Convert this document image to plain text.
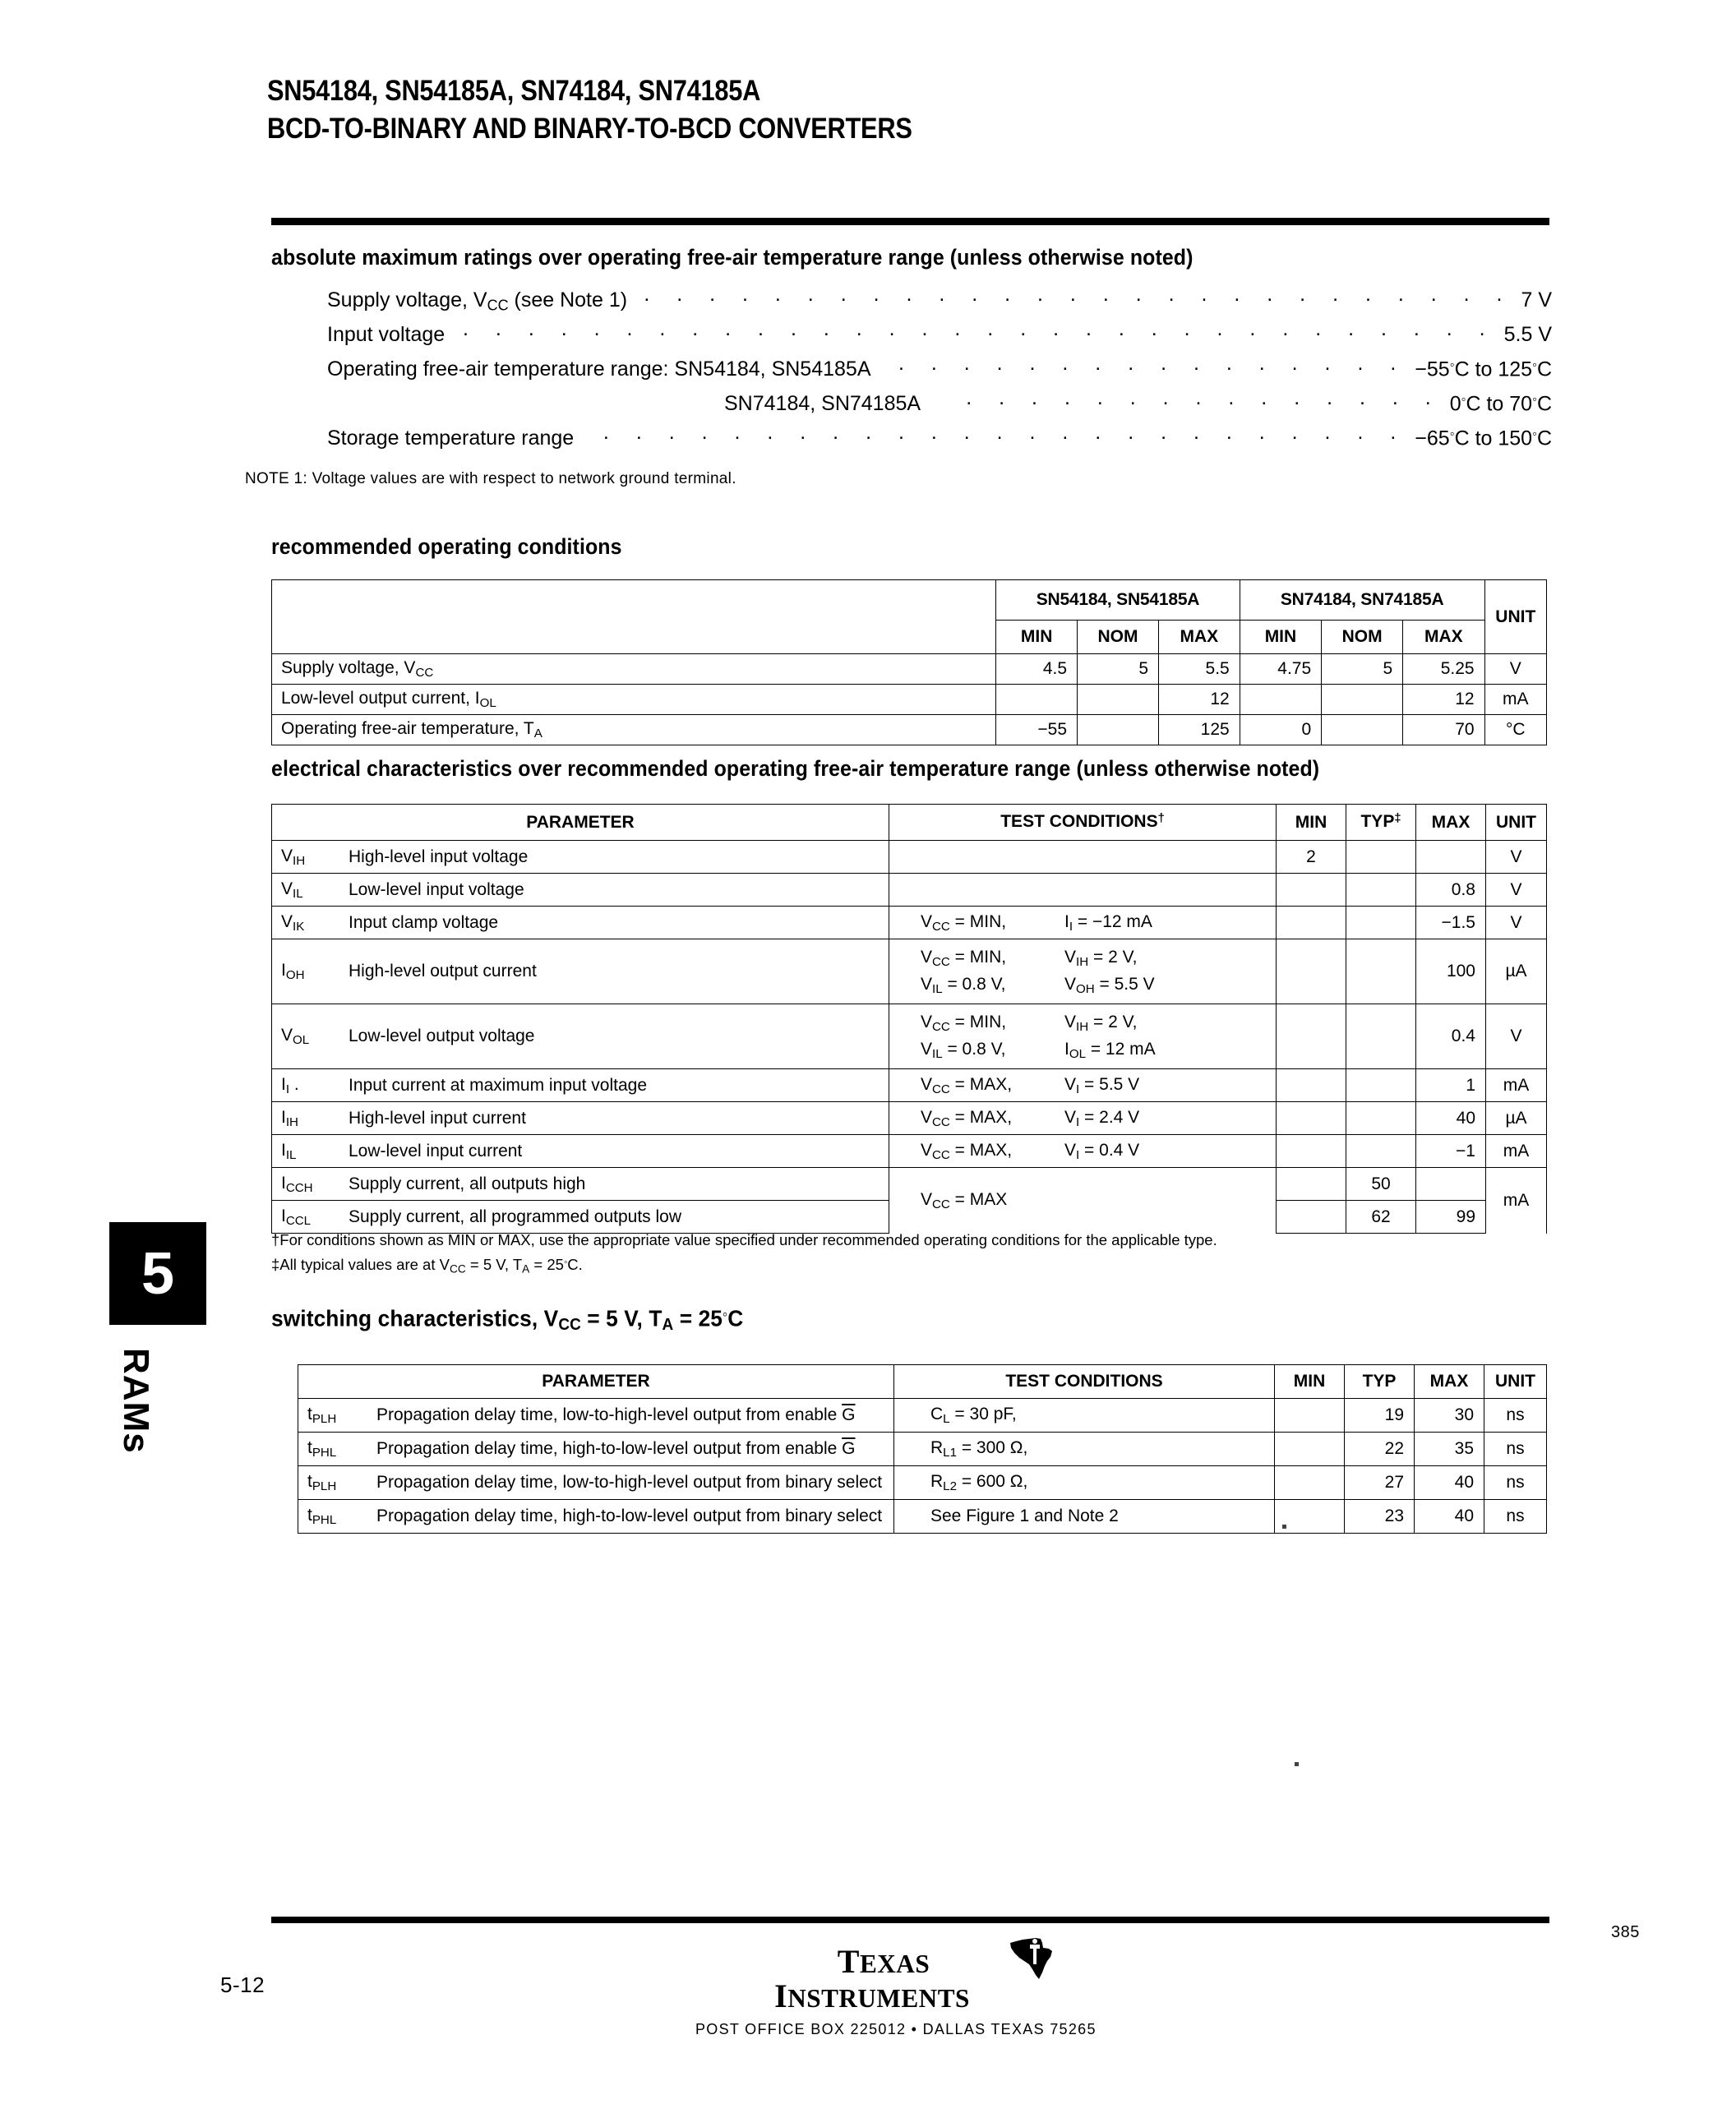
SN54184, SN54185A, SN74184, SN74185A
BCD-TO-BINARY AND BINARY-TO-BCD CONVERTERS
absolute maximum ratings over operating free-air temperature range (unless otherwise noted)
Supply voltage, $V_{CC}$ (see Note 1) . . .	7 V
Input voltage . . .	5.5 V
Operating free-air temperature range: SN54184, SN54185A . . .	−55◦C to 125◦C
SN74184, SN74185A . . .	0◦C to 70◦C
Storage temperature range . . .	−65◦C to 150◦C
NOTE 1: Voltage values are with respect to network ground terminal.
recommended operating conditions
	SN54184, SN54185A			SN74184, SN74185A			UNIT
	MIN	NOM	MAX	MIN	NOM	MAX	
Supply voltage, $V_{CC}$	4.5	5	5.5	4.75	5	5.25	V
Low-level output current, $I_{OL}$			12			12	mA
Operating free-air temperature, $T_A$	−55		125	0		70	°C
electrical characteristics over recommended operating free-air temperature range (unless otherwise noted)
PARAMETER		TEST CONDITIONS†	MIN	TYP‡	MAX	UNIT
$V_{IH}$	High-level input voltage		2			V
$V_{IL}$	Low-level input voltage				0.8	V
$V_{IK}$	Input clamp voltage	$V_{CC}$ = MIN, $I_I = -12$ mA			−1.5	V
$I_{OH}$	High-level output current	$V_{CC}$ = MIN, $V_{IH} = 2$ V,
$V_{IL} = 0.8$ V, $V_{OH} = 5.5$ V			100	µA
$V_{OL}$	Low-level output voltage	$V_{CC}$ = MIN, $V_{IH} = 2$ V,
$V_{IL} = 0.8$ V, $I_{OL} = 12$ mA			0.4	V
$I_I$ .	Input current at maximum input voltage	$V_{CC}$ = MAX, $V_I = 5.5$ V			1	mA
$I_{IH}$	High-level input current	$V_{CC}$ = MAX, $V_I = 2.4$ V			40	µA
$I_{IL}$	Low-level input current	$V_{CC}$ = MAX, $V_I = 0.4$ V			−1	mA
$I_{CCH}$	Supply current, all outputs high	$V_{CC}$ = MAX		50		mA
$I_{CCL}$	Supply current, all programmed outputs low			62	99	
†For conditions shown as MIN or MAX, use the appropriate value specified under recommended operating conditions for the applicable type.
‡All typical values are at $V_{CC} = 5$ V, $T_A = 25^◦C$.
5
RAMs
switching characteristics, $V_{CC} = 5$ V, $T_A = 25^◦C$
PARAMETER		TEST CONDITIONS	MIN	TYP	MAX	UNIT
$t_{PLH}$	Propagation delay time, low-to-high-level output from enable $\overline{G}$	$C_L = 30$ pF,		19	30	ns
$t_{PHL}$	Propagation delay time, high-to-low-level output from enable $\overline{G}$	$R_{L1} = 300$ Ω,		22	35	ns
$t_{PLH}$	Propagation delay time, low-to-high-level output from binary select	$R_{L2} = 600$ Ω,		27	40	ns
$t_{PHL}$	Propagation delay time, high-to-low-level output from binary select	See Figure 1 and Note 2		23	40	ns
5-12
385
TEXAS
INSTRUMENTS
POST OFFICE BOX 225012 • DALLAS TEXAS 75265
